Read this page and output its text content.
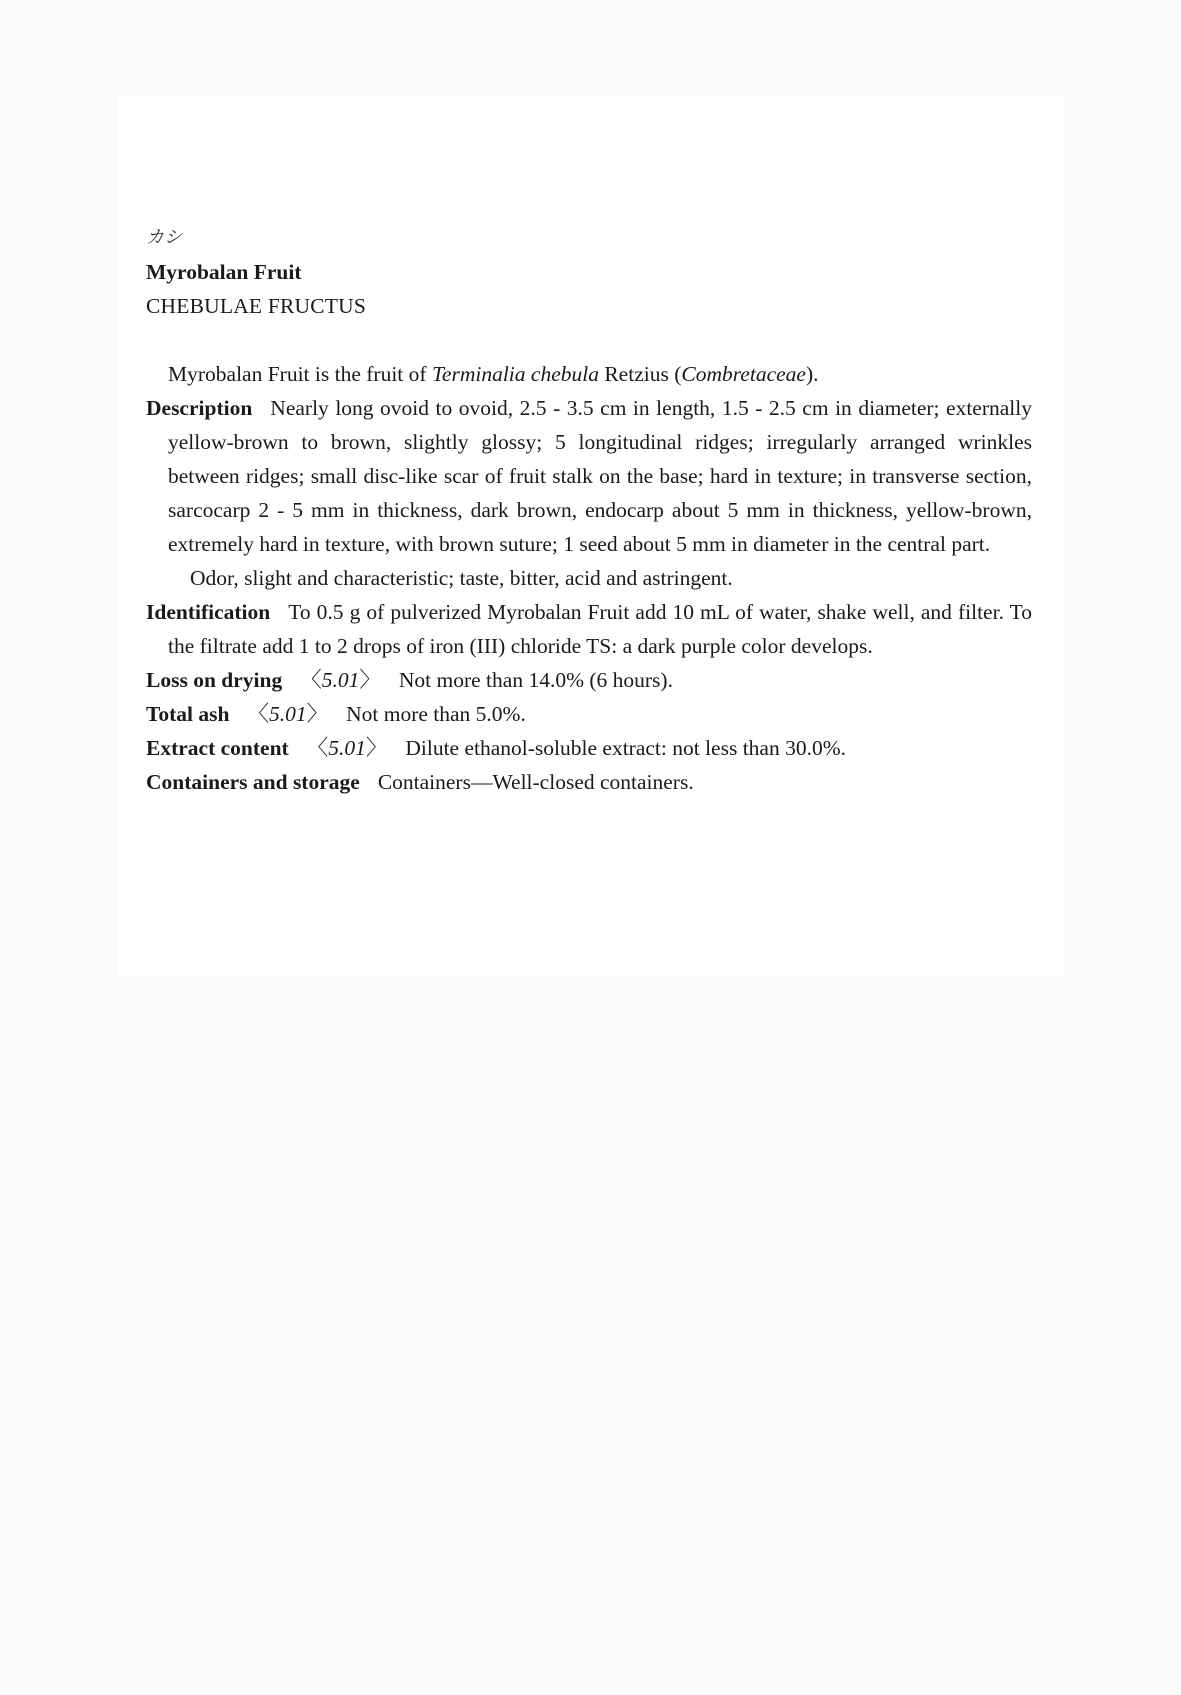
カシ
Myrobalan Fruit
CHEBULAE FRUCTUS
Myrobalan Fruit is the fruit of Terminalia chebula Retzius (Combretaceae).
Description Nearly long ovoid to ovoid, 2.5 - 3.5 cm in length, 1.5 - 2.5 cm in diameter; externally yellow-brown to brown, slightly glossy; 5 longitudinal ridges; irregularly arranged wrinkles between ridges; small disc-like scar of fruit stalk on the base; hard in texture; in transverse section, sarcocarp 2 - 5 mm in thickness, dark brown, endocarp about 5 mm in thickness, yellow-brown, extremely hard in texture, with brown suture; 1 seed about 5 mm in diameter in the central part.
Odor, slight and characteristic; taste, bitter, acid and astringent.
Identification To 0.5 g of pulverized Myrobalan Fruit add 10 mL of water, shake well, and filter. To the filtrate add 1 to 2 drops of iron (III) chloride TS: a dark purple color develops.
Loss on drying 〈5.01〉 Not more than 14.0% (6 hours).
Total ash 〈5.01〉 Not more than 5.0%.
Extract content 〈5.01〉 Dilute ethanol-soluble extract: not less than 30.0%.
Containers and storage Containers—Well-closed containers.
